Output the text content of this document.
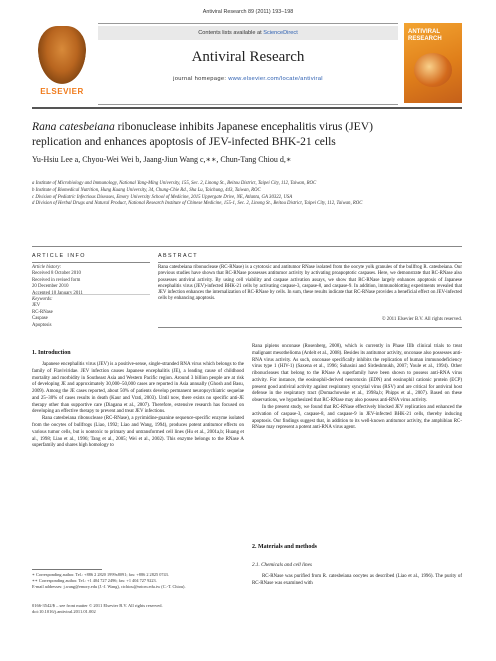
Antiviral Research 89 (2011) 193–198
ELSEVIER
Contents lists available at ScienceDirect
Antiviral Research
journal homepage: www.elsevier.com/locate/antiviral
ANTIVIRAL RESEARCH
Rana catesbeiana ribonuclease inhibits Japanese encephalitis virus (JEV)
replication and enhances apoptosis of JEV-infected BHK-21 cells
Yu-Hsiu Lee a, Chyou-Wei Wei b, Jaang-Jiun Wang c,∗∗, Chun-Tang Chiou d,∗
a Institute of Microbiology and Immunology, National Yang-Ming University, 155, Sec. 2, Linong St., Beitou District, Taipei City, 112, Taiwan, ROC
b Institute of Biomedical Nutrition, Hung Kuang University, 34, Chung-Chie Rd., Sha Lu, Taichung, 443, Taiwan, ROC
c Division of Pediatric Infectious Diseases, Emory University School of Medicine, 2015 Uppergate Drive, NE, Atlanta, GA 30322, USA
d Division of Herbal Drugs and Natural Product, National Research Institute of Chinese Medicine, 155-1, Sec. 2, Linong St., Beitou District, Taipei City, 112, Taiwan, ROC
ARTICLE INFO	ABSTRACT
Article history:
Received 8 October 2010
Received in revised form
20 December 2010
Keywords:
JEV
RC-RNase
Caspase
Apoptosis
Rana catesbeiana ribonuclease (RC-RNase) is a cytotoxic and antitumor RNase isolated from the oocyte yolk granules of the bullfrog R. catesbeiana. Our previous studies have shown that RC-RNase possesses antitumor activity by activating proapoptotic caspases. Here, we demonstrate that RC-RNase also possesses antiviral activity. By using cell viability and caspase activation assays, we show that RC-RNase largely enhances apoptosis of Japanese encephalitis virus (JEV)-infected BHK-21 cells by activating caspase-3, caspase-8, and caspase-9. In addition, immunoblotting experiments revealed that JEV infection enhances the internalization of RC-RNase by cells. In sum, these results indicate that RC-RNase provides a beneficial effect on JEV-infected cells by enhancing apoptosis.
© 2011 Elsevier B.V. All rights reserved.
1. Introduction

Japanese encephalitis virus (JEV) is a positive-sense, single-stranded RNA virus which belongs to the family of Flaviviridae. JEV infection causes Japanese encephalitis (JE), a leading cause of childhood mortality and morbidity in Southeast Asia and Western Pacific region. Around 3 billion people are at risk of developing JE and approximately 30,000–50,000 cases are reported in Asia annually (Ghosh and Basu, 2009). Among the JE cases reported, about 50% of patients develop permanent neuropsychiatric sequelae and 25–30% of cases results in death (Kaur and Vrati, 2003). Until now, there exists no specific anti-JE therapy other than supportive care (Diagana et al., 2007). Therefore, extensive research has focused on developing an effective therapy to prevent and treat JEV infections.

Rana catesbeiana ribonuclease (RC-RNase), a pyrimidine-guanine sequence-specific enzyme isolated from the oocytes of bullfrogs (Liao, 1992; Liao and Wang, 1994), produces potent antitumor effects on various tumor cells, but is nontoxic to primary and untransformed cell lines (Hu et al., 2001a,b; Huang et al., 1998; Liao et al., 1996; Tang et al., 2005; Wei et al., 2002). This enzyme belongs to the RNase A superfamily and shares high homology to

Rana pipiens onconase (Rosenberg, 2008), which is currently in Phase IIIb clinical trials to treat malignant mesothelioma (Ardelt et al., 2008). Besides its antitumor activity, onconase also possesses anti-RNA virus activity. As such, onconase specifically inhibits the replication of human immunodeficiency virus type 1 (HIV-1) (Saxena et al., 1996; Suhasini and Sirdeshmukh, 2007; Youle et al., 1994). Other ribonucleases that belong to the RNase A superfamily have been shown to possess anti-RNA virus activity. For instance, the eosinophil-derived neurotoxin (EDN) and eosinophil cationic protein (ECP) present good antiviral activity against respiratory syncytial virus (RSV) and are critical for antiviral host defense in the respiratory tract (Domachowske et al., 1998a,b; Phipps et al., 2007). Based on these observations, we hypothesized that RC-RNase may also possess anti-RNA virus activity.

In the present study, we found that RC-RNase effectively blocked JEV replication and enhanced the activation of caspase-3, caspase-8, and caspase-9 in JEV-infected BHK-21 cells, thereby inducing apoptosis. Our findings suggest that, in addition to its well-known antitumor activity, the amphibian RC-RNase may represent a potent anti-RNA virus agent.

2. Materials and methods
2.1. Chemicals and cell lines

RC-RNase was purified from R. catesbeiana oocytes as described (Liao et al., 1996). The purity of RC-RNase was examined with

∗ Corresponding author. Tel.: +886 2 2820 1999x8091; fax: +886 2 2825 0743.
∗∗ Corresponding author. Tel.: +1 404 727 2496; fax: +1 404 727 9223.
E-mail addresses: j.wang@emory.edu (J.-J. Wang), ctchiou@nricm.edu.tw (C.-T. Chiou).
0166-3542/$ – see front matter © 2011 Elsevier B.V. All rights reserved.
doi:10.1016/j.antiviral.2011.01.002
